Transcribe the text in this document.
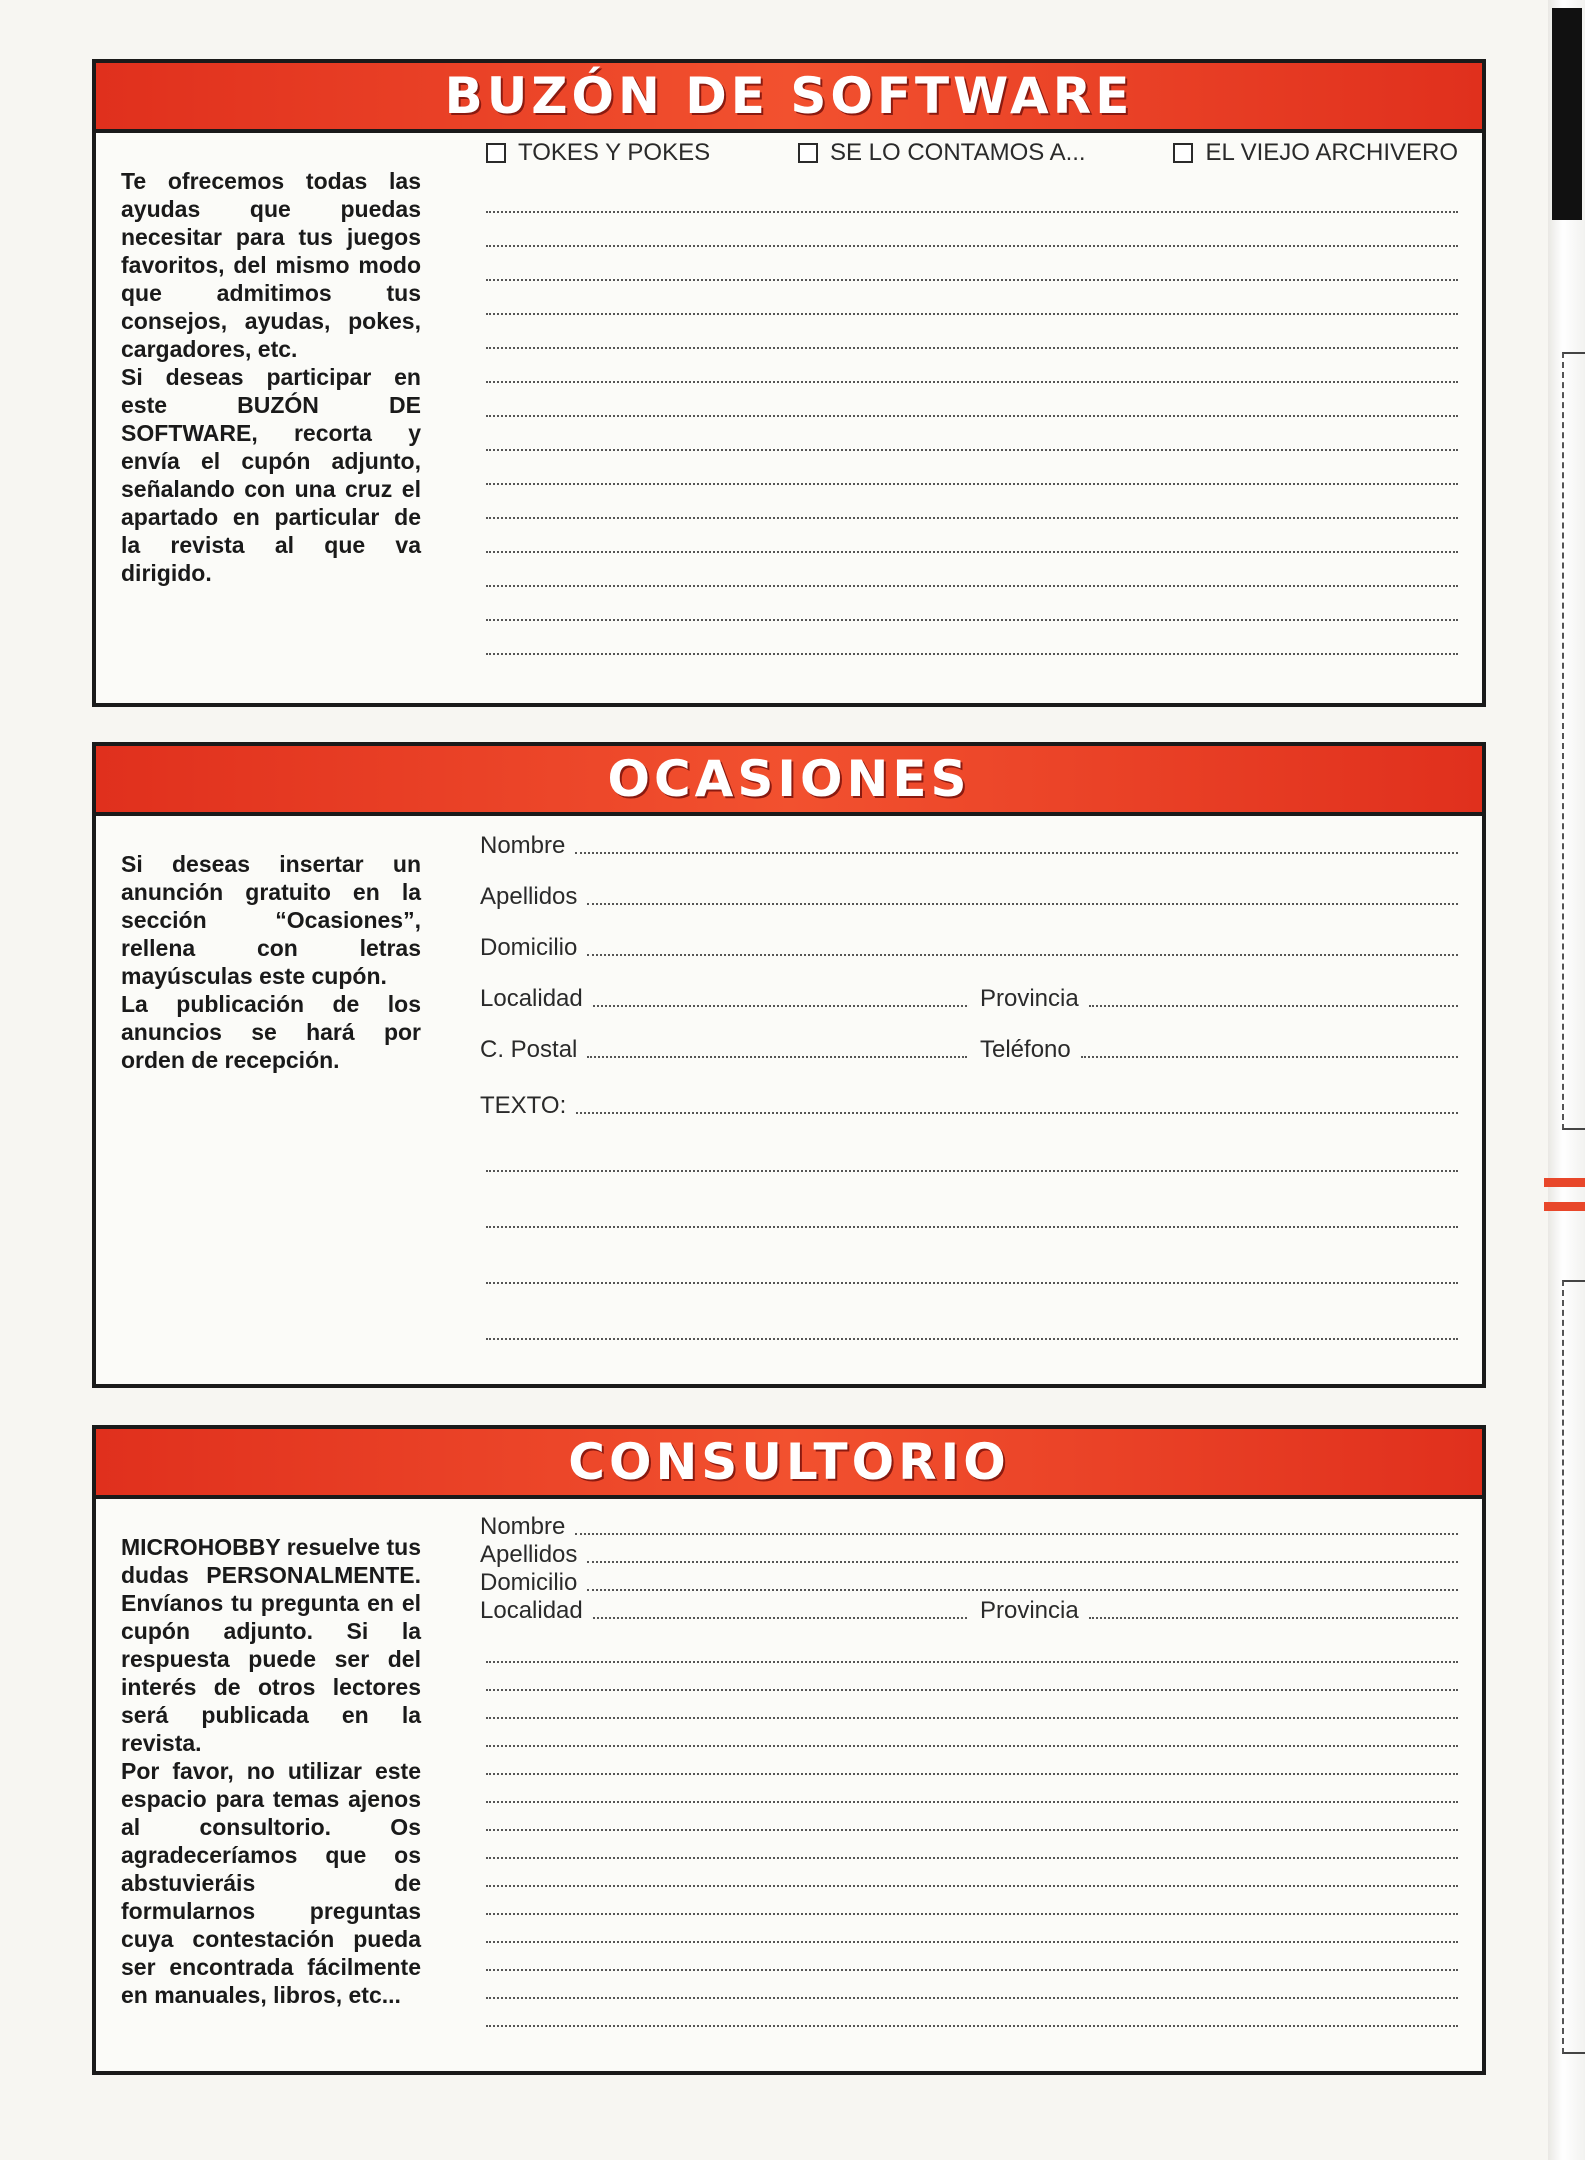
BUZÓN DE SOFTWARE

Te ofrecemos todas las ayudas que puedas necesitar para tus juegos favoritos, del mismo modo que admitimos tus consejos, ayudas, pokes, cargadores, etc.

Si deseas participar en este BUZÓN DE SOFTWARE, recorta y envía el cupón adjunto, señalando con una cruz el apartado en particular de la revista al que va dirigido.

TOKES Y POKES	SE LO CONTAMOS A...	EL VIEJO ARCHIVERO
OCASIONES

Si deseas insertar un anunción gratuito en la sección “Ocasiones”, rellena con letras mayúsculas este cupón.

La publicación de los anuncios se hará por orden de recepción.

Nombre
Apellidos
Domicilio
Localidad	Provincia
C. Postal	Teléfono
TEXTO:
CONSULTORIO

MICROHOBBY resuelve tus dudas PERSONALMENTE. Envíanos tu pregunta en el cupón adjunto. Si la respuesta puede ser del interés de otros lectores será publicada en la revista.

Por favor, no utilizar este espacio para temas ajenos al consultorio. Os agradeceríamos que os abstuvieráis de formularnos preguntas cuya contestación pueda ser encontrada fácilmente en manuales, libros, etc...

Nombre
Apellidos
Domicilio
Localidad	Provincia
